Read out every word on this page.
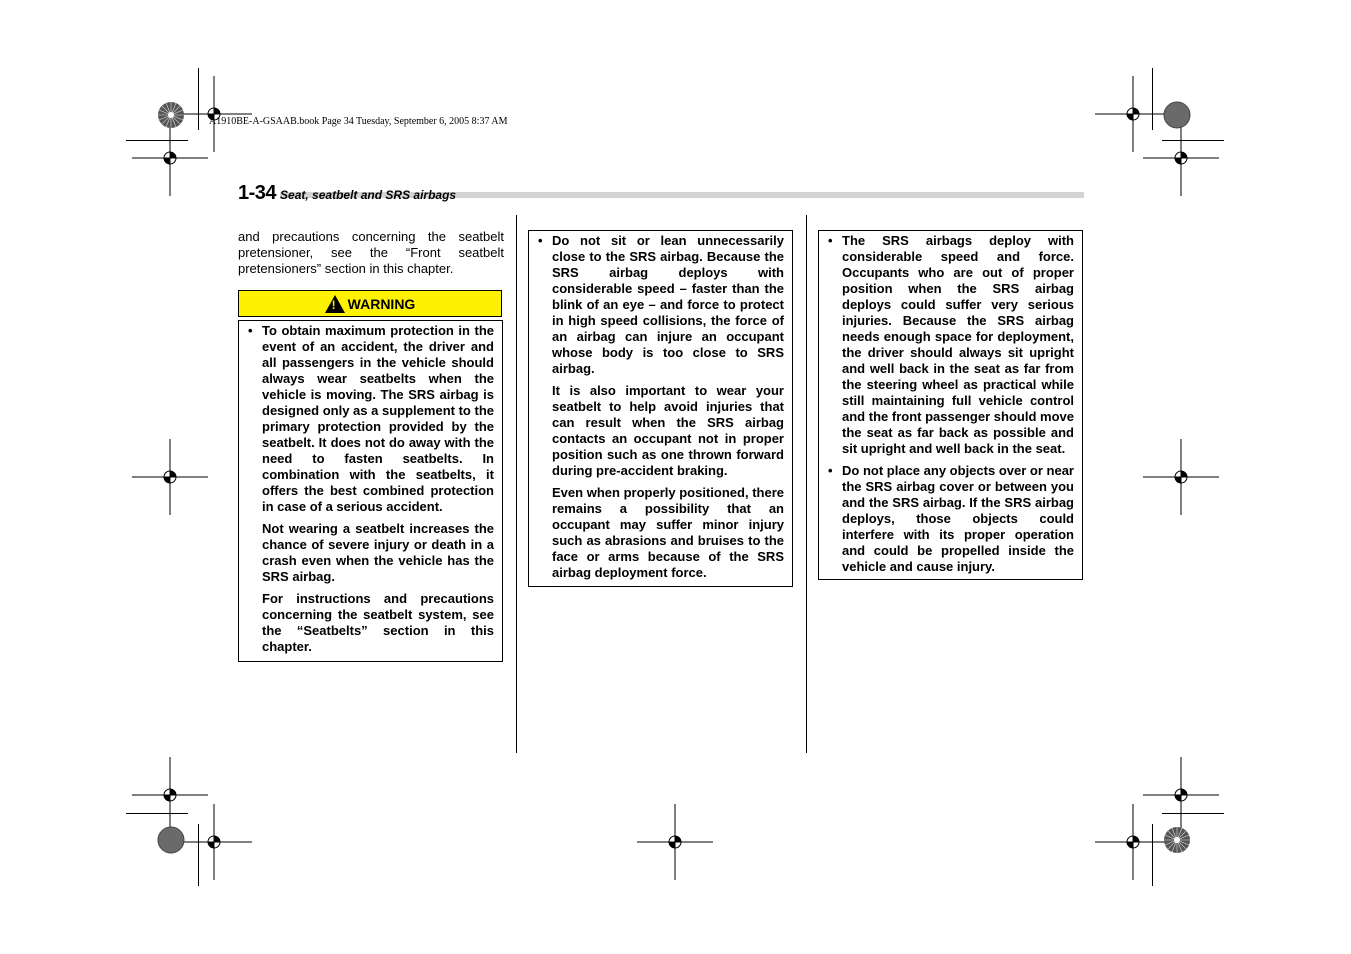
A1910BE-A-GSAAB.book Page 34 Tuesday, September 6, 2005 8:37 AM
1-34 Seat, seatbelt and SRS airbags
and precautions concerning the seatbelt pretensioner, see the “Front seatbelt pretensioners” section in this chapter.
!
WARNING

• To obtain maximum protection in the event of an accident, the driver and all passengers in the vehicle should always wear seatbelts when the vehicle is moving. The SRS airbag is designed only as a supplement to the primary protection provided by the seatbelt. It does not do away with the need to fasten seatbelts. In combination with the seatbelts, it offers the best combined protection in case of a serious accident.

Not wearing a seatbelt increases the chance of severe injury or death in a crash even when the vehicle has the SRS airbag.

For instructions and precautions concerning the seatbelt system, see the “Seatbelts” section in this chapter.

• Do not sit or lean unnecessarily close to the SRS airbag. Because the SRS airbag deploys with considerable speed – faster than the blink of an eye – and force to protect in high speed collisions, the force of an airbag can injure an occupant whose body is too close to SRS airbag.

It is also important to wear your seatbelt to help avoid injuries that can result when the SRS airbag contacts an occupant not in proper position such as one thrown forward during pre-accident braking.

Even when properly positioned, there remains a possibility that an occupant may suffer minor injury such as abrasions and bruises to the face or arms because of the SRS airbag deployment force.

• The SRS airbags deploy with considerable speed and force. Occupants who are out of proper position when the SRS airbag deploys could suffer very serious injuries. Because the SRS airbag needs enough space for deployment, the driver should always sit upright and well back in the seat as far from the steering wheel as practical while still maintaining full vehicle control and the front passenger should move the seat as far back as possible and sit upright and well back in the seat.

• Do not place any objects over or near the SRS airbag cover or between you and the SRS airbag. If the SRS airbag deploys, those objects could interfere with its proper operation and could be propelled inside the vehicle and cause injury.
